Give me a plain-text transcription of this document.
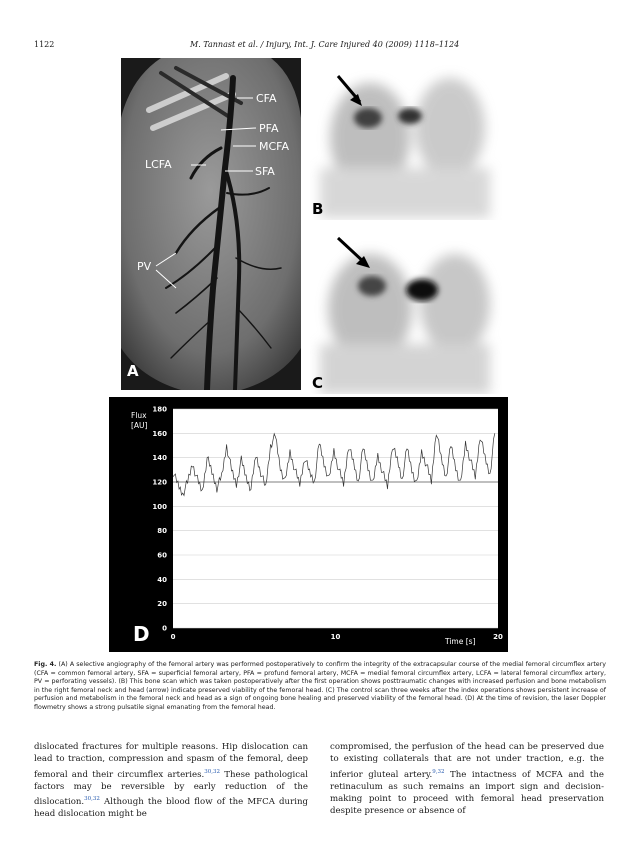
1122	M. Tannast et al. / Injury, Int. J. Care Injured 40 (2009) 1118–1124
CFA
PFA
MCFA
LCFA
SFA
PV
A
B
C
0
20
40
60
80
100
120
140
160
180
0	10	20
Flux
[AU]
Time [s]
D
Fig. 4. (A) A selective angiography of the femoral artery was performed postoperatively to confirm the integrity of the extracapsular course of the medial femoral circumflex artery (CFA = common femoral artery, SFA = superficial femoral artery, PFA = profund femoral artery, MCFA = medial femoral circumflex artery, LCFA = lateral femoral circumflex artery, PV = perforating vessels). (B) This bone scan which was taken postoperatively after the first operation shows posttraumatic changes with increased perfusion and bone metabolism in the right femoral neck and head (arrow) indicate preserved viability of the femoral head. (C) The control scan three weeks after the index operations shows persistent increase of perfusion and metabolism in the femoral neck and head as a sign of ongoing bone healing and preserved viability of the femoral head. (D) At the time of revision, the laser Doppler flowmetry shows a strong pulsatile signal emanating from the femoral head.
dislocated fractures for multiple reasons. Hip dislocation can lead to traction, compression and spasm of the femoral, deep femoral and their circumflex arteries.$^{30,32}$ These pathological factors may be reversible by early reduction of the dislocation.$^{30,32}$ Although the blood flow of the MFCA during head dislocation might be
compromised, the perfusion of the head can be preserved due to existing collaterals that are not under traction, e.g. the inferior gluteal artery.$^{9,32}$ The intactness of MCFA and the retinaculum as such remains an import sign and decision-making point to proceed with femoral head preservation despite presence or absence of
